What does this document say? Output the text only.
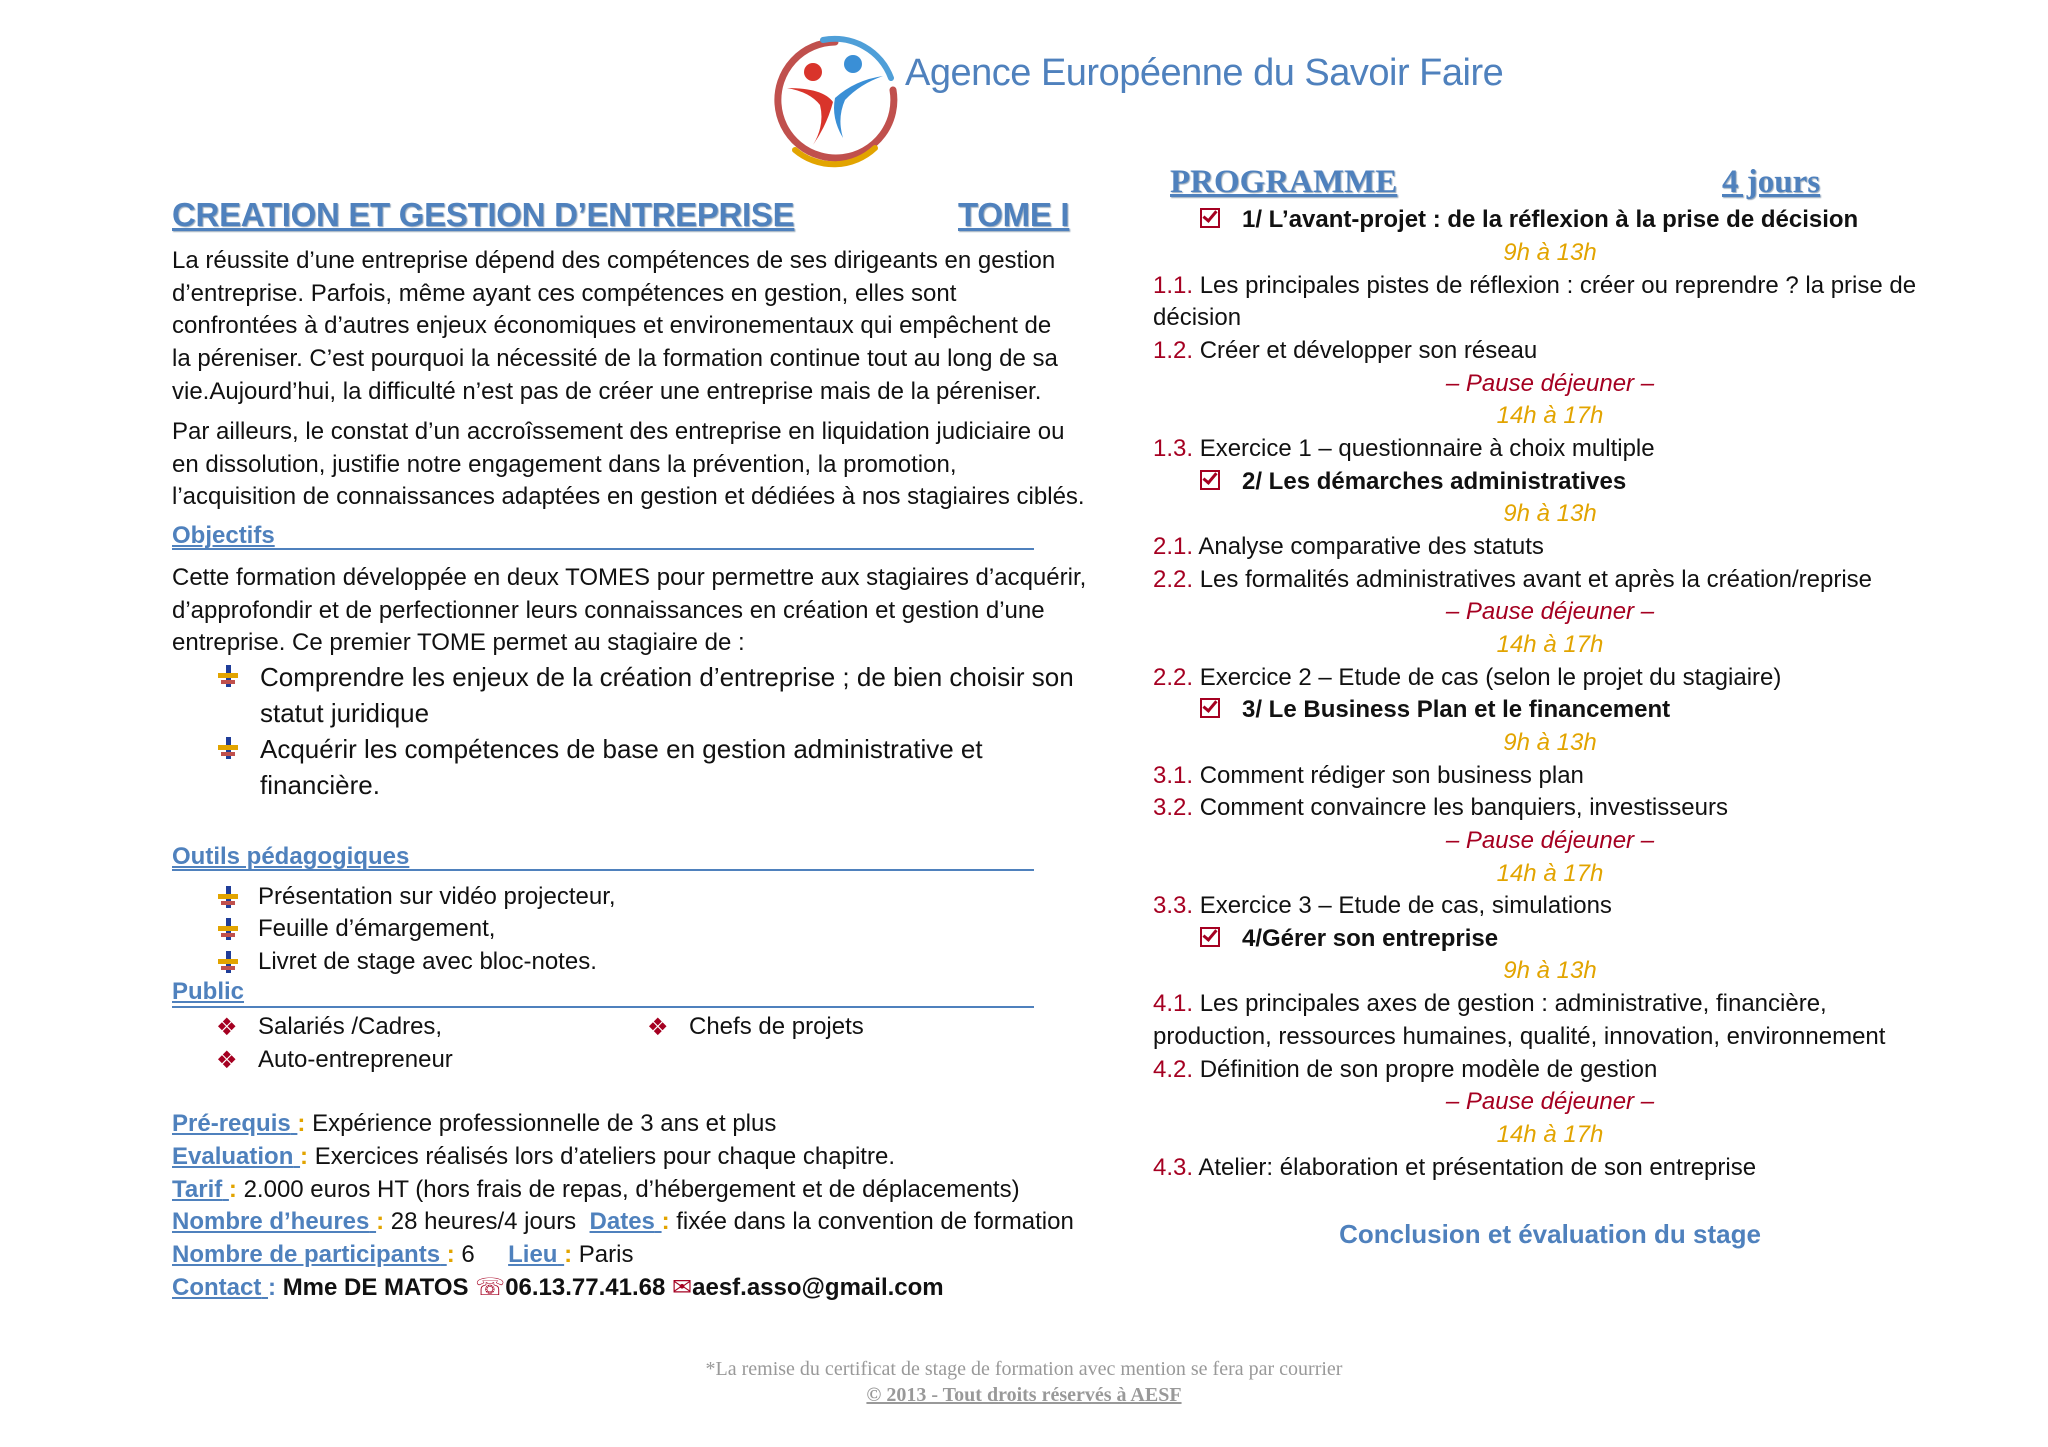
Agence Européenne du Savoir Faire
CREATION ET GESTION D’ENTREPRISE	TOME I
La réussite d’une entreprise dépend des compétences de ses dirigeants en gestion
d’entreprise. Parfois, même ayant ces compétences en gestion, elles sont
confrontées à d’autres enjeux économiques et environementaux qui empêchent de
la péreniser. C’est pourquoi la nécessité de la formation continue tout au long de sa
vie.Aujourd’hui, la difficulté n’est pas de créer une entreprise mais de la péreniser.
Par ailleurs, le constat d’un accroîssement des entreprise en liquidation judiciaire ou
en dissolution, justifie notre engagement dans la prévention, la promotion,
l’acquisition de connaissances adaptées en gestion et dédiées à nos stagiaires ciblés.
Objectifs
Cette formation développée en deux TOMES pour permettre aux stagiaires d’acquérir,
d’approfondir et de perfectionner leurs connaissances en création et gestion d’une
entreprise. Ce premier TOME permet au stagiaire de :
Comprendre les enjeux de la création d’entreprise ; de bien choisir son
statut juridique
Acquérir les compétences de base en gestion administrative et
financière.
Outils pédagogiques
Présentation sur vidéo projecteur,
Feuille d’émargement,
Livret de stage avec bloc-notes.
Public
❖ Salariés /Cadres,	❖ Chefs de projets
❖ Auto-entrepreneur
Pré-requis : Expérience professionnelle de 3 ans et plus
Evaluation : Exercices réalisés lors d’ateliers pour chaque chapitre.
Tarif : 2.000 euros HT (hors frais de repas, d’hébergement et de déplacements)
Nombre d’heures : 28 heures/4 jours Dates : fixée dans la convention de formation
Nombre de participants : 6 Lieu : Paris
Contact : Mme DE MATOS ☏06.13.77.41.68 ✉aesf.asso@gmail.com
PROGRAMME	4 jours
1/ L’avant-projet : de la réflexion à la prise de décision
9h à 13h
1.1. Les principales pistes de réflexion : créer ou reprendre ? la prise de
décision
1.2. Créer et développer son réseau
– Pause déjeuner –
14h à 17h
1.3. Exercice 1 – questionnaire à choix multiple
2/ Les démarches administratives
9h à 13h
2.1. Analyse comparative des statuts
2.2. Les formalités administratives avant et après la création/reprise
– Pause déjeuner –
14h à 17h
2.2. Exercice 2 – Etude de cas (selon le projet du stagiaire)
3/ Le Business Plan et le financement
9h à 13h
3.1. Comment rédiger son business plan
3.2. Comment convaincre les banquiers, investisseurs
– Pause déjeuner –
14h à 17h
3.3. Exercice 3 – Etude de cas, simulations
4/Gérer son entreprise
9h à 13h
4.1. Les principales axes de gestion : administrative, financière,
production, ressources humaines, qualité, innovation, environnement
4.2. Définition de son propre modèle de gestion
– Pause déjeuner –
14h à 17h
4.3. Atelier: élaboration et présentation de son entreprise
Conclusion et évaluation du stage
*La remise du certificat de stage de formation avec mention se fera par courrier
© 2013 - Tout droits réservés à AESF
